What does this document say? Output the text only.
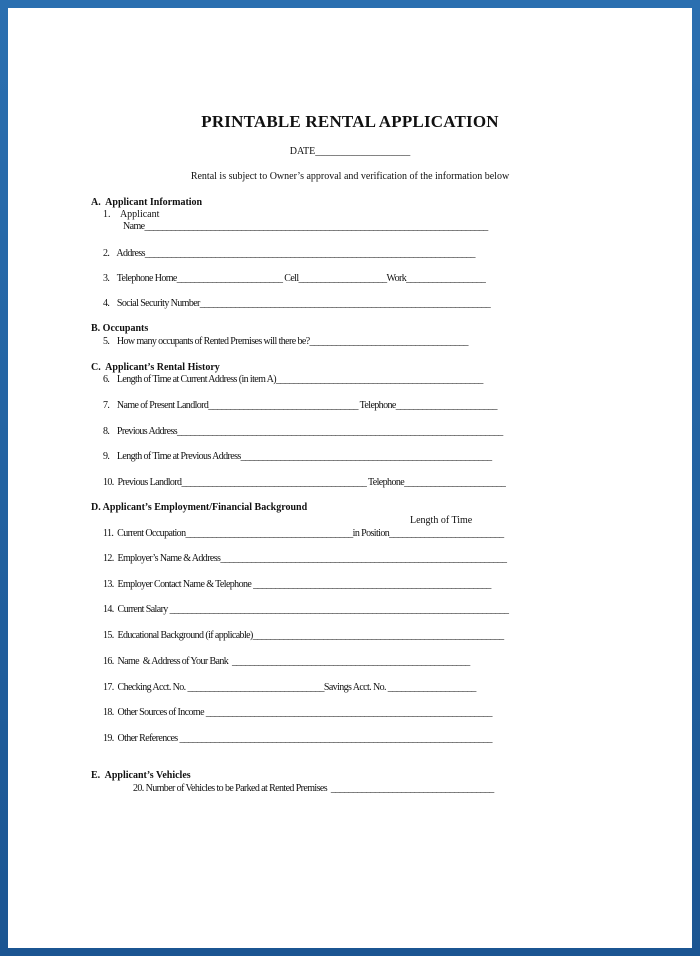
PRINTABLE RENTAL APPLICATION
DATE___________________
Rental is subject to Owner’s approval and verification of the information below
A.  Applicant Information
1.    Applicant
Name______________________________________________________________________________
2.    Address___________________________________________________________________________
3.    Telephone Home________________________ Cell____________________Work__________________
4.    Social Security Number__________________________________________________________________
B. Occupants
5.    How many occupants of Rented Premises will there be?____________________________________
C.  Applicant’s Rental History
6.    Length of Time at Current Address (in item A)_______________________________________________
7.    Name of Present Landlord__________________________________ Telephone_______________________
8.    Previous Address__________________________________________________________________________
9.    Length of Time at Previous Address_________________________________________________________
10.  Previous Landlord__________________________________________ Telephone_______________________
D. Applicant’s Employment/Financial Background
Length of Time
11.  Current Occupation______________________________________in Position__________________________
12.  Employer’s Name & Address_________________________________________________________________
13.  Employer Contact Name & Telephone ______________________________________________________
14.  Current Salary _____________________________________________________________________________
15.  Educational Background (if applicable)_________________________________________________________
16.  Name  & Address of Your Bank  ______________________________________________________
17.  Checking Acct. No. _______________________________Savings Acct. No. ____________________
18.  Other Sources of Income _________________________________________________________________
19.  Other References _______________________________________________________________________
E.  Applicant’s Vehicles
20. Number of Vehicles to be Parked at Rented Premises  _____________________________________
